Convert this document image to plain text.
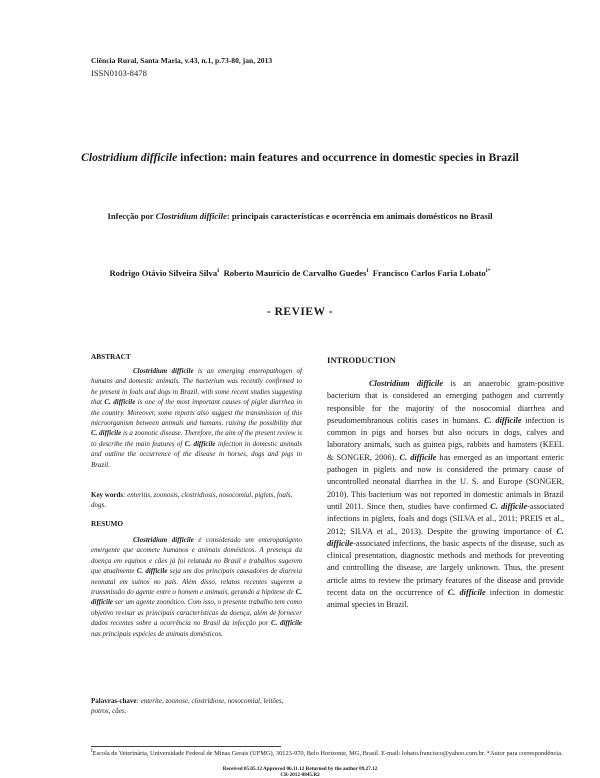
Ciência Rural, Santa Maria, v.43, n.1, p.73-80, jan, 2013
ISSN0103-8478
Clostridium difficile infection: main features and occurrence in domestic species in Brazil
Infecção por Clostridium difficile: principais características e ocorrência em animais domésticos no Brasil
Rodrigo Otávio Silveira Silva$^I$ Roberto Maurício de Carvalho Guedes$^I$ Francisco Carlos Faria Lobato$^{I*}$
- REVIEW -
ABSTRACT
Clostridium difficile is an emerging enteropathogen of humans and domestic animals. The bacterium was recently confirmed to be present in foals and dogs in Brazil, with some recent studies suggesting that C. difficile is one of the most important causes of piglet diarrhea in the country. Moreover, some reports also suggest the transmission of this microorganism between animals and humans, raising the possibility that C. difficile is a zoonotic disease. Therefore, the aim of the present review is to describe the main features of C. difficile infection in domestic animals and outline the occurrence of the disease in horses, dogs and pigs in Brazil.
Key words: enteritis, zoonosis, clostridiosis, nosocomial, piglets, foals, dogs.
RESUMO
Clostridium difficile é considerado um enteropatógeno emergente que acomete humanos e animais domésticos. A presença da doença em equinos e cães já foi relatada no Brasil e trabalhos sugerem que atualmente C. difficile seja um dos principais causadores de diarreia neonatal em suínos no país. Além disso, relatos recentes sugerem a transmissão do agente entre o homem e animais, gerando a hipótese de C. difficile ser um agente zoonótico. Com isso, o presente trabalho tem como objetivo revisar as principais características da doença, além de fornecer dados recentes sobre a ocorrência no Brasil da infecção por C. difficile nas principais espécies de animais domésticos.
Palavras-chave: enterite, zoonose, clostridiose, nosocomial, leitões, potros, cães.
INTRODUCTION
Clostridium difficile is an anaerobic gram-positive bacterium that is considered an emerging pathogen and currently responsible for the majority of the nosocomial diarrhea and pseudomembranous colitis cases in humans. C. difficile infection is common in pigs and horses but also occurs in dogs, calves and laboratory animals, such as guinea pigs, rabbits and hamsters (KEEL & SONGER, 2006). C. difficile has emerged as an important enteric pathogen in piglets and now is considered the primary cause of uncontrolled neonatal diarrhea in the U. S. and Europe (SONGER, 2010). This bacterium was not reported in domestic animals in Brazil until 2011. Since then, studies have confirmed C. difficile-associated infections in piglets, foals and dogs (SILVA et al., 2011; PREIS et al., 2012; SILVA et al., 2013). Despite the growing importance of C. difficile-associated infections, the basic aspects of the disease, such as clinical presentation, diagnostic methods and methods for preventing and controlling the disease, are largely unknown. Thus, the present article aims to review the primary features of the disease and provide recent data on the occurrence of C. difficile infection in domestic animal species in Brazil.
$^I$Escola de Veterinária, Universidade Federal de Minas Gerais (UFMG), 30123-970, Belo Horizonte, MG, Brasil. E-mail: lobato.francisco@yahoo.com.br. *Autor para correspondência.
Received 05.05.12 Approved 06.11.12 Returned by the author 09.27.12
CR-2012-0845.R2
